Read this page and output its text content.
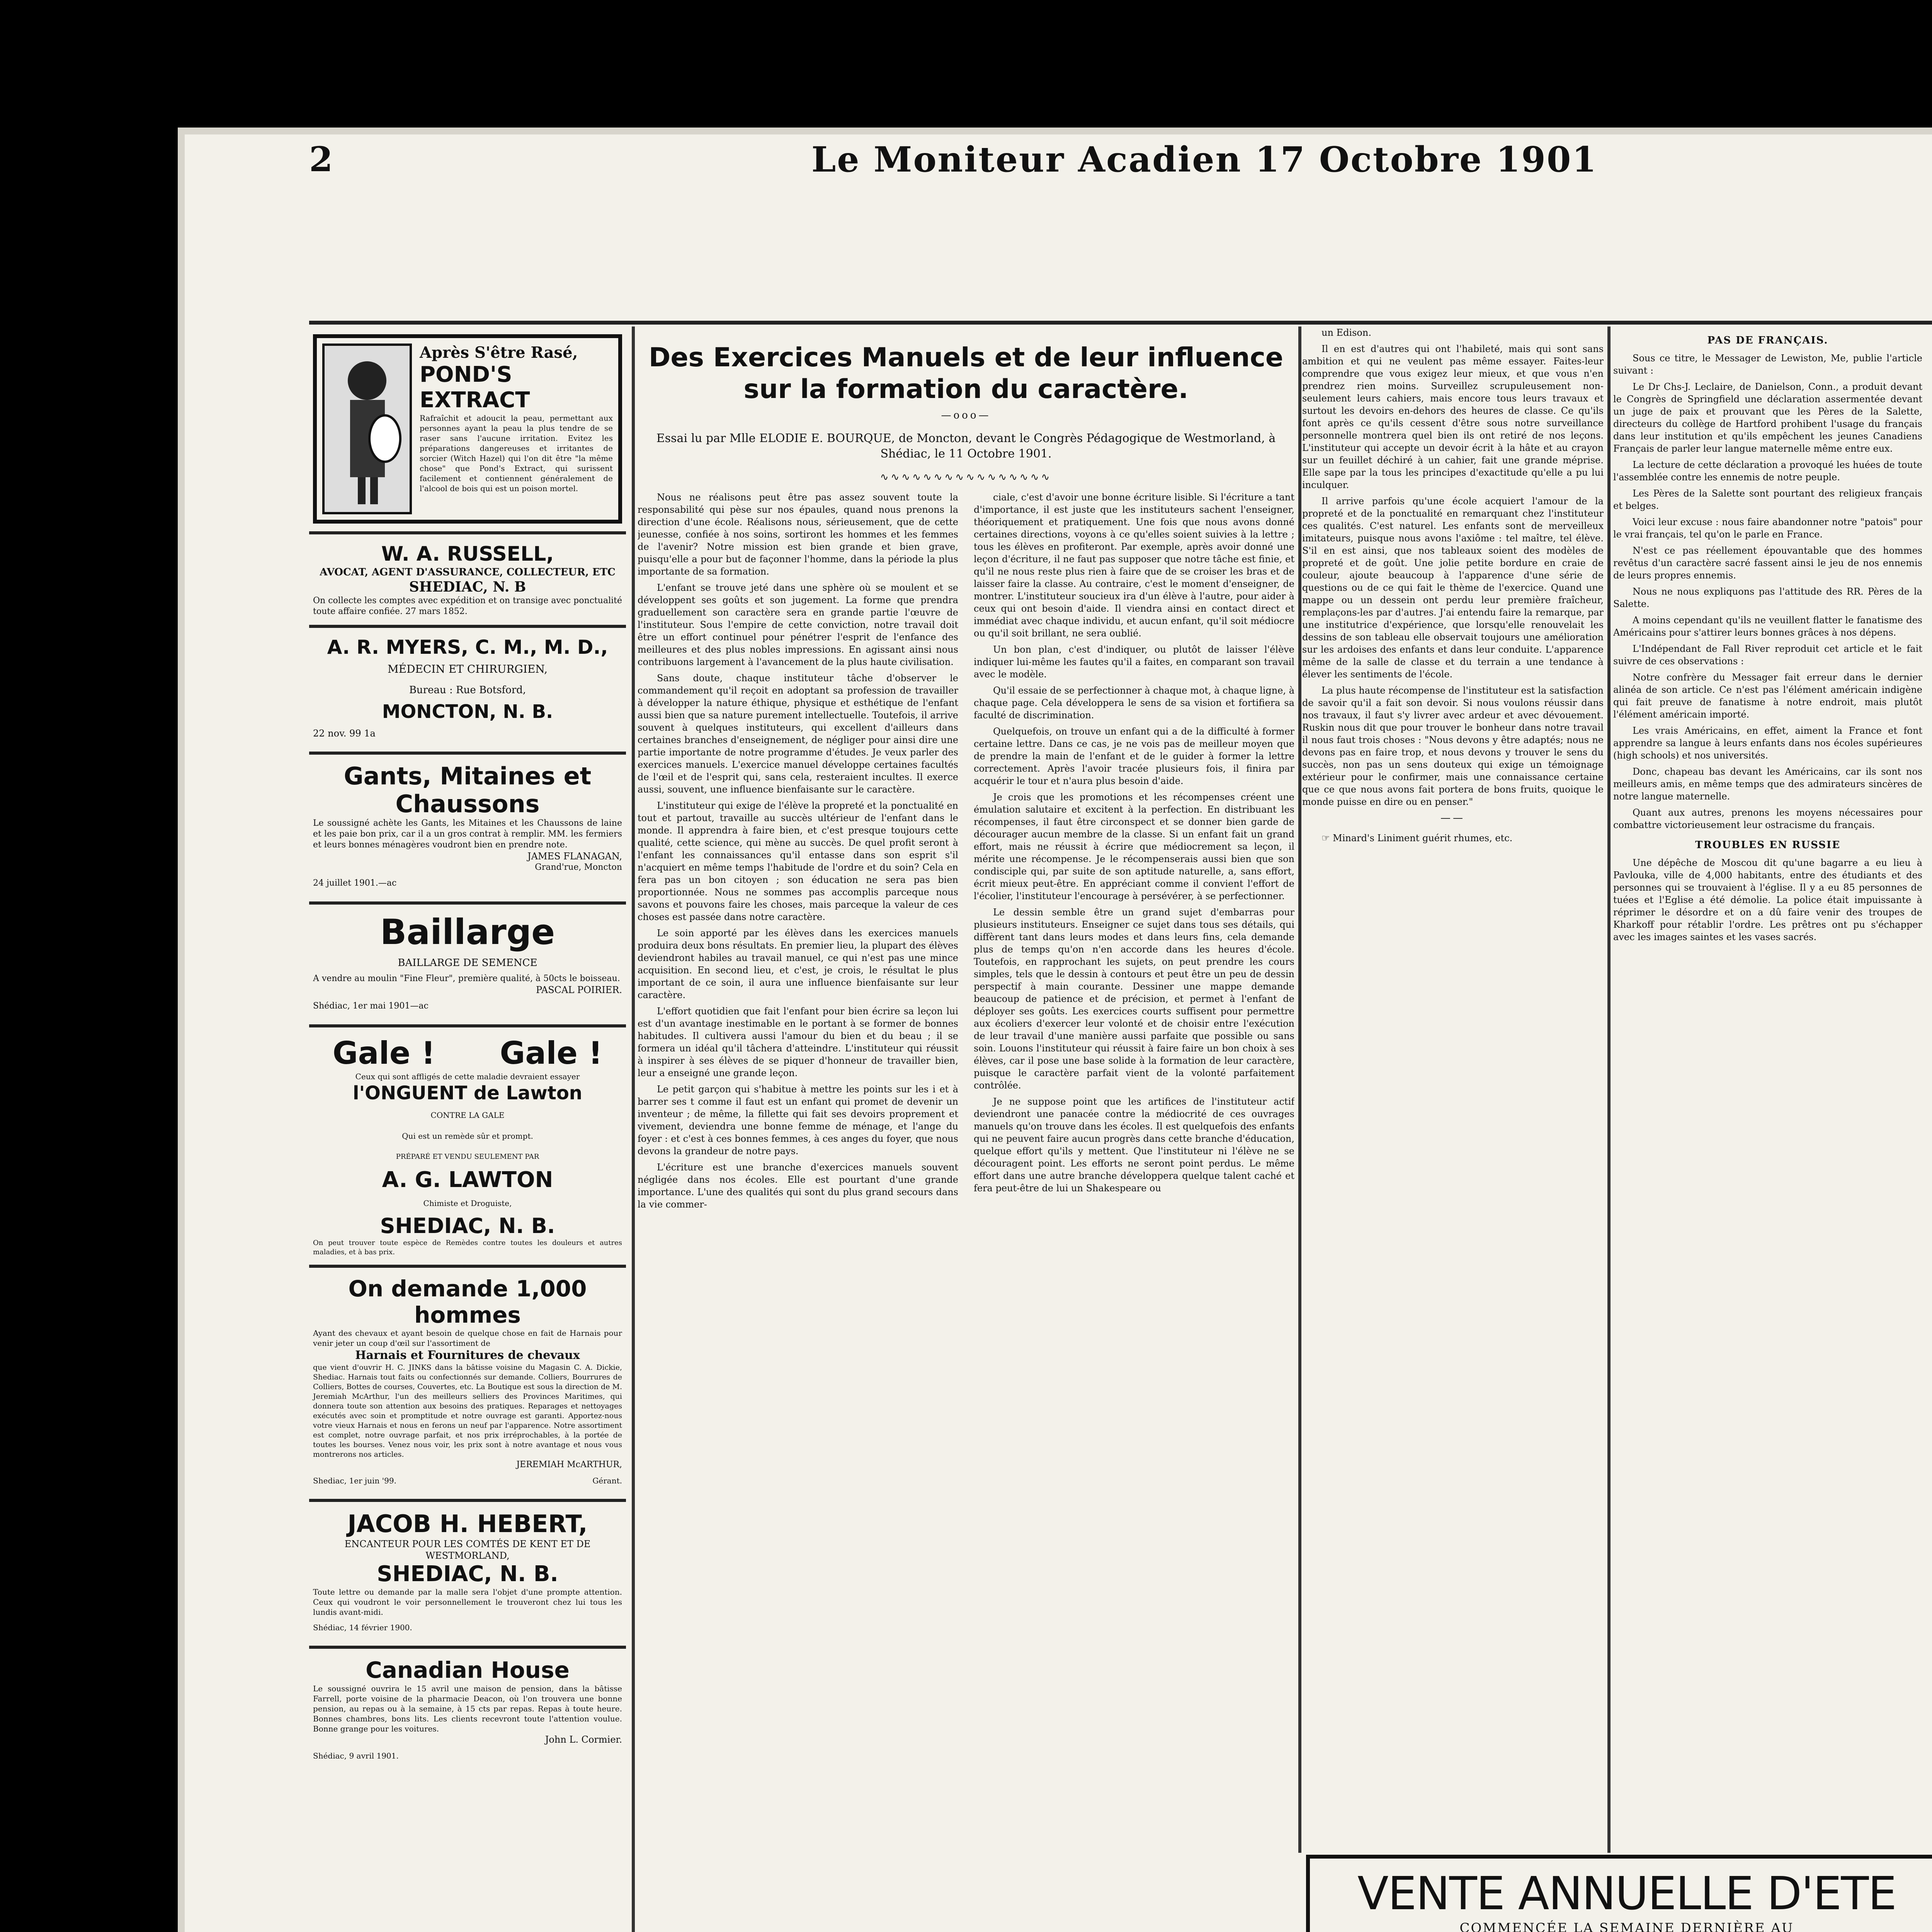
2	Le Moniteur Acadien 17 Octobre 1901
Après S'être Rasé,
POND'S EXTRACT
Rafraîchit et adoucit la peau, permettant aux personnes ayant la peau la plus tendre de se raser sans l'aucune irritation. Evitez les préparations dangereuses et irritantes de sorcier (Witch Hazel) qui l'on dit être "la même chose" que Pond's Extract, qui surissent facilement et contiennent généralement de l'alcool de bois qui est un poison mortel.
W. A. RUSSELL,
AVOCAT, AGENT D'ASSURANCE, COLLECTEUR, ETC
SHEDIAC, N. B
On collecte les comptes avec expédition et on transige avec ponctualité toute affaire confiée. 27 mars 1852.
A. R. MYERS, C. M., M. D.,
MÉDECIN ET CHIRURGIEN,
Bureau : Rue Botsford,
MONCTON, N. B.
22 nov. 99 1a
Gants, Mitaines et Chaussons
Le soussigné achète les Gants, les Mitaines et les Chaussons de laine et les paie bon prix, car il a un gros contrat à remplir. MM. les fermiers et leurs bonnes ménagères voudront bien en prendre note.
JAMES FLANAGAN,
Grand'rue, Moncton
24 juillet 1901.—ac
Baillarge
BAILLARGE DE SEMENCE
A vendre au moulin "Fine Fleur", première qualité, à 50cts le boisseau.
PASCAL POIRIER.
Shédiac, 1er mai 1901—ac
Gale !      Gale !
Ceux qui sont affligés de cette maladie devraient essayer
l'ONGUENT de Lawton
CONTRE LA GALE
Qui est un remède sûr et prompt.
PRÉPARÉ ET VENDU SEULEMENT PAR
A. G. LAWTON
Chimiste et Droguiste,
SHEDIAC, N. B.
On peut trouver toute espèce de Remèdes contre toutes les douleurs et autres maladies, et à bas prix.
On demande 1,000 hommes
Ayant des chevaux et ayant besoin de quelque chose en fait de Harnais pour venir jeter un coup d'œil sur l'assortiment de
Harnais et Fournitures de chevaux
que vient d'ouvrir H. C. JINKS dans la bâtisse voisine du Magasin C. A. Dickie, Shediac. Harnais tout faits ou confectionnés sur demande. Colliers, Bourrures de Colliers, Bottes de courses, Couvertes, etc. La Boutique est sous la direction de M. Jeremiah McArthur, l'un des meilleurs selliers des Provinces Maritimes, qui donnera toute son attention aux besoins des pratiques. Reparages et nettoyages exécutés avec soin et promptitude et notre ouvrage est garanti. Apportez-nous votre vieux Harnais et nous en ferons un neuf par l'apparence. Notre assortiment est complet, notre ouvrage parfait, et nos prix irréprochables, à la portée de toutes les bourses. Venez nous voir, les prix sont à notre avantage et nous vous montrerons nos articles.
JEREMIAH McARTHUR,
Shediac, 1er juin '99.	Gérant.
JACOB H. HEBERT,
ENCANTEUR POUR LES COMTÉS DE KENT ET DE WESTMORLAND,
SHEDIAC, N. B.
Toute lettre ou demande par la malle sera l'objet d'une prompte attention. Ceux qui voudront le voir personnellement le trouveront chez lui tous les lundis avant-midi.
Shédiac, 14 février 1900.
Canadian House
Le soussigné ouvrira le 15 avril une maison de pension, dans la bâtisse Farrell, porte voisine de la pharmacie Deacon, où l'on trouvera une bonne pension, au repas ou à la semaine, à 15 cts par repas. Repas à toute heure. Bonnes chambres, bons lits. Les clients recevront toute l'attention voulue. Bonne grange pour les voitures.
John L. Cormier.
Shédiac, 9 avril 1901.
Des Exercices Manuels et de leur influence sur la formation du caractère.
—ooo—
Essai lu par Mlle ELODIE E. BOURQUE, de Moncton, devant le Congrès Pédagogique de Westmorland, à Shédiac, le 11 Octobre 1901.
∿∿∿∿∿∿∿∿∿∿∿∿∿∿∿∿

Nous ne réalisons peut être pas assez souvent toute la responsabilité qui pèse sur nos épaules, quand nous prenons la direction d'une école. Réalisons nous, sérieusement, que de cette jeunesse, confiée à nos soins, sortiront les hommes et les femmes de l'avenir? Notre mission est bien grande et bien grave, puisqu'elle a pour but de façonner l'homme, dans la période la plus importante de sa formation.

L'enfant se trouve jeté dans une sphère où se moulent et se développent ses goûts et son jugement. La forme que prendra graduellement son caractère sera en grande partie l'œuvre de l'instituteur. Sous l'empire de cette conviction, notre travail doit être un effort continuel pour pénétrer l'esprit de l'enfance des meilleures et des plus nobles impressions. En agissant ainsi nous contribuons largement à l'avancement de la plus haute civilisation.

Sans doute, chaque instituteur tâche d'observer le commandement qu'il reçoit en adoptant sa profession de travailler à développer la nature éthique, physique et esthétique de l'enfant aussi bien que sa nature purement intellectuelle. Toutefois, il arrive souvent à quelques instituteurs, qui excellent d'ailleurs dans certaines branches d'enseignement, de négliger pour ainsi dire une partie importante de notre programme d'études. Je veux parler des exercices manuels. L'exercice manuel développe certaines facultés de l'œil et de l'esprit qui, sans cela, resteraient incultes. Il exerce aussi, souvent, une influence bienfaisante sur le caractère.

L'instituteur qui exige de l'élève la propreté et la ponctualité en tout et partout, travaille au succès ultérieur de l'enfant dans le monde. Il apprendra à faire bien, et c'est presque toujours cette qualité, cette science, qui mène au succès. De quel profit seront à l'enfant les connaissances qu'il entasse dans son esprit s'il n'acquiert en même temps l'habitude de l'ordre et du soin? Cela en fera pas un bon citoyen ; son éducation ne sera pas bien proportionnée. Nous ne sommes pas accomplis parceque nous savons et pouvons faire les choses, mais parceque la valeur de ces choses est passée dans notre caractère.

Le soin apporté par les élèves dans les exercices manuels produira deux bons résultats. En premier lieu, la plupart des élèves deviendront habiles au travail manuel, ce qui n'est pas une mince acquisition. En second lieu, et c'est, je crois, le résultat le plus important de ce soin, il aura une influence bienfaisante sur leur caractère.

L'effort quotidien que fait l'enfant pour bien écrire sa leçon lui est d'un avantage inestimable en le portant à se former de bonnes habitudes. Il cultivera aussi l'amour du bien et du beau ; il se formera un idéal qu'il tâchera d'atteindre. L'instituteur qui réussit à inspirer à ses élèves de se piquer d'honneur de travailler bien, leur a enseigné une grande leçon.

Le petit garçon qui s'habitue à mettre les points sur les i et à barrer ses t comme il faut est un enfant qui promet de devenir un inventeur ; de même, la fillette qui fait ses devoirs proprement et vivement, deviendra une bonne femme de ménage, et l'ange du foyer : et c'est à ces bonnes femmes, à ces anges du foyer, que nous devons la grandeur de notre pays.

L'écriture est une branche d'exercices manuels souvent négligée dans nos écoles. Elle est pourtant d'une grande importance. L'une des qualités qui sont du plus grand secours dans la vie commer-

ciale, c'est d'avoir une bonne écriture lisible. Si l'écriture a tant d'importance, il est juste que les instituteurs sachent l'enseigner, théoriquement et pratiquement. Une fois que nous avons donné certaines directions, voyons à ce qu'elles soient suivies à la lettre ; tous les élèves en profiteront. Par exemple, après avoir donné une leçon d'écriture, il ne faut pas supposer que notre tâche est finie, et qu'il ne nous reste plus rien à faire que de se croiser les bras et de laisser faire la classe. Au contraire, c'est le moment d'enseigner, de montrer. L'instituteur soucieux ira d'un élève à l'autre, pour aider à ceux qui ont besoin d'aide. Il viendra ainsi en contact direct et immédiat avec chaque individu, et aucun enfant, qu'il soit médiocre ou qu'il soit brillant, ne sera oublié.

Un bon plan, c'est d'indiquer, ou plutôt de laisser l'élève indiquer lui-même les fautes qu'il a faites, en comparant son travail avec le modèle.

Qu'il essaie de se perfectionner à chaque mot, à chaque ligne, à chaque page. Cela développera le sens de sa vision et fortifiera sa faculté de discrimination.

Quelquefois, on trouve un enfant qui a de la difficulté à former certaine lettre. Dans ce cas, je ne vois pas de meilleur moyen que de prendre la main de l'enfant et de le guider à former la lettre correctement. Après l'avoir tracée plusieurs fois, il finira par acquérir le tour et n'aura plus besoin d'aide.

Je crois que les promotions et les récompenses créent une émulation salutaire et excitent à la perfection. En distribuant les récompenses, il faut être circonspect et se donner bien garde de décourager aucun membre de la classe. Si un enfant fait un grand effort, mais ne réussit à écrire que médiocrement sa leçon, il mérite une récompense. Je le récompenserais aussi bien que son condisciple qui, par suite de son aptitude naturelle, a, sans effort, écrit mieux peut-être. En appréciant comme il convient l'effort de l'écolier, l'instituteur l'encourage à persévérer, à se perfectionner.

Le dessin semble être un grand sujet d'embarras pour plusieurs instituteurs. Enseigner ce sujet dans tous ses détails, qui diffèrent tant dans leurs modes et dans leurs fins, cela demande plus de temps qu'on n'en accorde dans les heures d'école. Toutefois, en rapprochant les sujets, on peut prendre les cours simples, tels que le dessin à contours et peut être un peu de dessin perspectif à main courante. Dessiner une mappe demande beaucoup de patience et de précision, et permet à l'enfant de déployer ses goûts. Les exercices courts suffisent pour permettre aux écoliers d'exercer leur volonté et de choisir entre l'exécution de leur travail d'une manière aussi parfaite que possible ou sans soin. Louons l'instituteur qui réussit à faire faire un bon choix à ses élèves, car il pose une base solide à la formation de leur caractère, puisque le caractère parfait vient de la volonté parfaitement contrôlée.

Je ne suppose point que les artifices de l'instituteur actif deviendront une panacée contre la médiocrité de ces ouvrages manuels qu'on trouve dans les écoles. Il est quelquefois des enfants qui ne peuvent faire aucun progrès dans cette branche d'éducation, quelque effort qu'ils y mettent. Que l'instituteur ni l'élève ne se découragent point. Les efforts ne seront point perdus. Le même effort dans une autre branche développera quelque talent caché et fera peut-être de lui un Shakespeare ou

un Edison.

Il en est d'autres qui ont l'habileté, mais qui sont sans ambition et qui ne veulent pas même essayer. Faites-leur comprendre que vous exigez leur mieux, et que vous n'en prendrez rien moins. Surveillez scrupuleusement non-seulement leurs cahiers, mais encore tous leurs travaux et surtout les devoirs en-dehors des heures de classe. Ce qu'ils font après ce qu'ils cessent d'être sous notre surveillance personnelle montrera quel bien ils ont retiré de nos leçons. L'instituteur qui accepte un devoir écrit à la hâte et au crayon sur un feuillet déchiré à un cahier, fait une grande méprise. Elle sape par la tous les principes d'exactitude qu'elle a pu lui inculquer.

Il arrive parfois qu'une école acquiert l'amour de la propreté et de la ponctualité en remarquant chez l'instituteur ces qualités. C'est naturel. Les enfants sont de merveilleux imitateurs, puisque nous avons l'axiôme : tel maître, tel élève. S'il en est ainsi, que nos tableaux soient des modèles de propreté et de goût. Une jolie petite bordure en craie de couleur, ajoute beaucoup à l'apparence d'une série de questions ou de ce qui fait le thème de l'exercice. Quand une mappe ou un dessein ont perdu leur première fraîcheur, remplaçons-les par d'autres. J'ai entendu faire la remarque, par une institutrice d'expérience, que lorsqu'elle renouvelait les dessins de son tableau elle observait toujours une amélioration sur les ardoises des enfants et dans leur conduite. L'apparence même de la salle de classe et du terrain a une tendance à élever les sentiments de l'école.

La plus haute récompense de l'instituteur est la satisfaction de savoir qu'il a fait son devoir. Si nous voulons réussir dans nos travaux, il faut s'y livrer avec ardeur et avec dévouement. Ruskin nous dit que pour trouver le bonheur dans notre travail il nous faut trois choses : "Nous devons y être adaptés; nous ne devons pas en faire trop, et nous devons y trouver le sens du succès, non pas un sens douteux qui exige un témoignage extérieur pour le confirmer, mais une connaissance certaine que ce que nous avons fait portera de bons fruits, quoique le monde puisse en dire ou en penser."

——

☞ Minard's Liniment guérit rhumes, etc.

PAS DE FRANÇAIS.

Sous ce titre, le Messager de Lewiston, Me, publie l'article suivant :

Le Dr Chs-J. Leclaire, de Danielson, Conn., a produit devant le Congrès de Springfield une déclaration assermentée devant un juge de paix et prouvant que les Pères de la Salette, directeurs du collège de Hartford prohibent l'usage du français dans leur institution et qu'ils empêchent les jeunes Canadiens Français de parler leur langue maternelle même entre eux.

La lecture de cette déclaration a provoqué les huées de toute l'assemblée contre les ennemis de notre peuple.

Les Pères de la Salette sont pourtant des religieux français et belges.

Voici leur excuse : nous faire abandonner notre "patois" pour le vrai français, tel qu'on le parle en France.

N'est ce pas réellement épouvantable que des hommes revêtus d'un caractère sacré fassent ainsi le jeu de nos ennemis de leurs propres ennemis.

Nous ne nous expliquons pas l'attitude des RR. Pères de la Salette.

A moins cependant qu'ils ne veuillent flatter le fanatisme des Américains pour s'attirer leurs bonnes grâces à nos dépens.

L'Indépendant de Fall River reproduit cet article et le fait suivre de ces observations :

Notre confrère du Messager fait erreur dans le dernier alinéa de son article. Ce n'est pas l'élément américain indigène qui fait preuve de fanatisme à notre endroit, mais plutôt l'élément américain importé.

Les vrais Américains, en effet, aiment la France et font apprendre sa langue à leurs enfants dans nos écoles supérieures (high schools) et nos universités.

Donc, chapeau bas devant les Américains, car ils sont nos meilleurs amis, en même temps que des admirateurs sincères de notre langue maternelle.

Quant aux autres, prenons les moyens nécessaires pour combattre victorieusement leur ostracisme du français.

TROUBLES EN RUSSIE

Une dépêche de Moscou dit qu'une bagarre a eu lieu à Pavlouka, ville de 4,000 habitants, entre des étudiants et des personnes qui se trouvaient à l'église. Il y a eu 85 personnes de tuées et l'Eglise a été démolie. La police était impuissante à réprimer le désordre et on a dû faire venir des troupes de Kharkoff pour rétablir l'ordre. Les prêtres ont pu s'échapper avec les images saintes et les vases sacrés.

VENTE ANNUELLE D'ETE
COMMENCÉE LA SEMAINE DERNIÈRE AU
